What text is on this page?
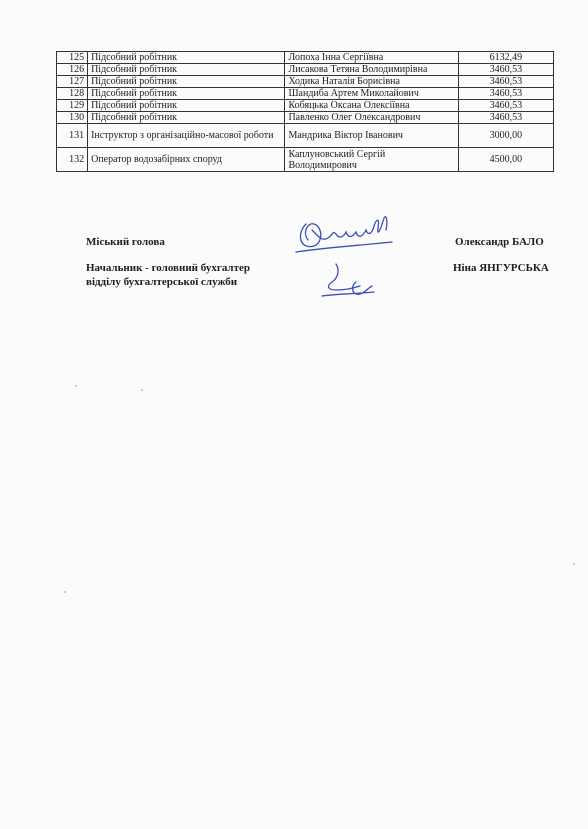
125	Підсобний робітник	Лопоха Інна Сергіївна	6132,49
126	Підсобний робітник	Лисакова Тетяна Володимирівна	3460,53
127	Підсобний робітник	Ходика Наталія Борисівна	3460,53
128	Підсобний робітник	Шандиба Артем Миколайович	3460,53
129	Підсобний робітник	Кобяцька Оксана Олексіївна	3460,53
130	Підсобний робітник	Павленко Олег Олександрович	3460,53
131	Інструктор з організаційно-масової роботи	Мандрика Віктор Іванович	3000,00
132	Оператор водозабірних споруд	Каплуновський Сергій Володимирович	4500,00
Міський голова	Олександр БАЛО
Начальник - головний бухгалтер
відділу бухгалтерської служби
Ніна ЯНГУРСЬКА
